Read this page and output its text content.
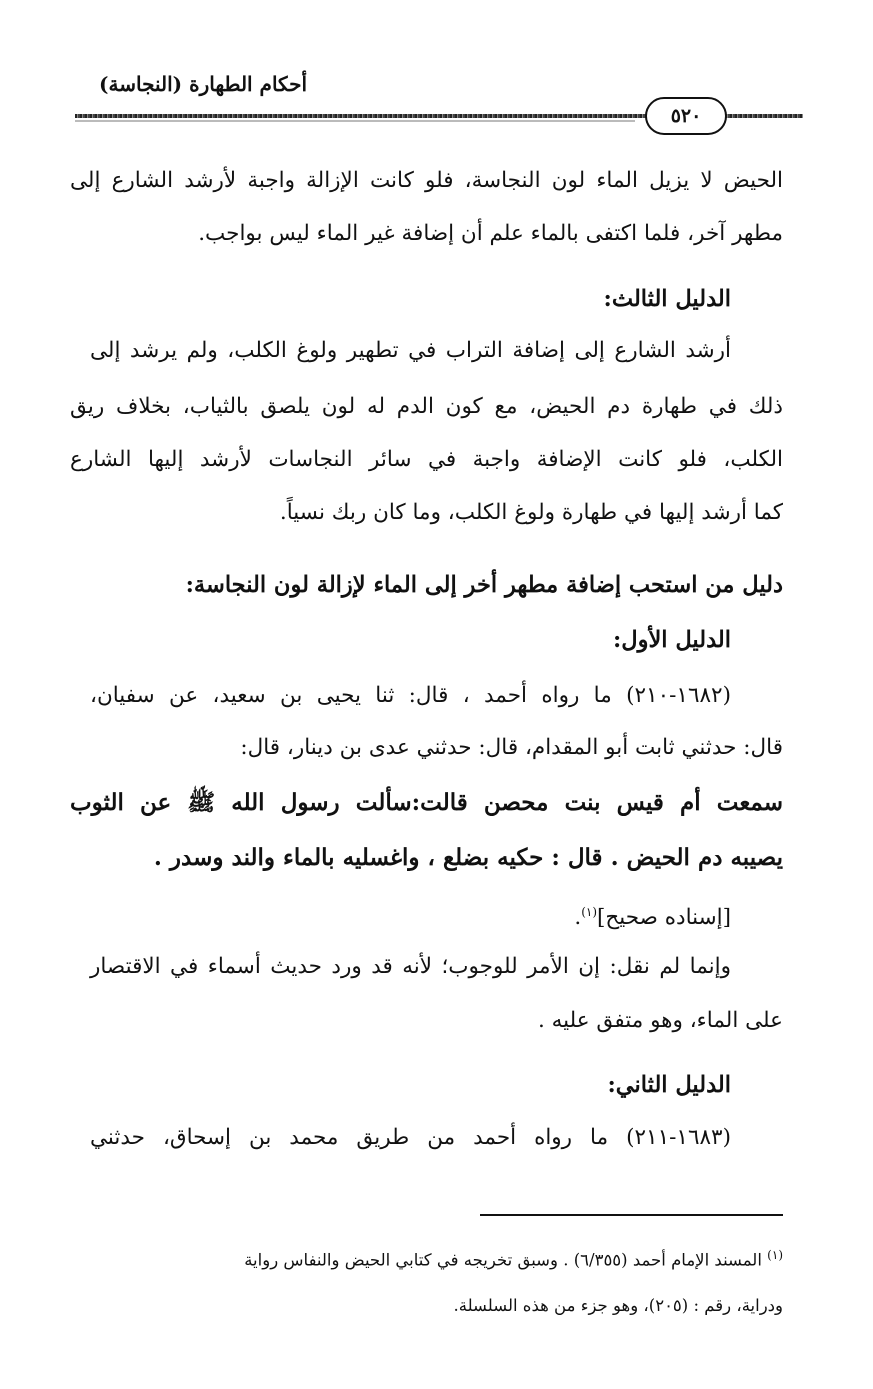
أحكام الطهارة (النجاسة)
٥٢٠
الحيض لا يزيل الماء لون النجاسة، فلو كانت الإزالة واجبة لأرشد الشارع إلى
مطهر آخر، فلما اكتفى بالماء علم أن إضافة غير الماء ليس بواجب.
الدليل الثالث:
أرشد الشارع إلى إضافة التراب في تطهير ولوغ الكلب، ولم يرشد إلى
ذلك في طهارة دم الحيض، مع كون الدم له لون يلصق بالثياب، بخلاف ريق
الكلب، فلو كانت الإضافة واجبة في سائر النجاسات لأرشد إليها الشارع
كما أرشد إليها في طهارة ولوغ الكلب، وما كان ربك نسياً.
دليل من استحب إضافة مطهر أخر إلى الماء لإزالة لون النجاسة:
الدليل الأول:
(١٦٨٢-٢١٠) ما رواه أحمد ، قال: ثنا يحيى بن سعيد، عن سفيان،
قال: حدثني ثابت أبو المقدام، قال: حدثني عدى بن دينار، قال:
سمعت أم قيس بنت محصن قالت:سألت رسول الله ﷺ عن الثوب
يصيبه دم الحيض . قال : حكيه بضلع ، واغسليه بالماء والند وسدر .
[إسناده صحيح]$^{(١)}$.
وإنما لم نقل: إن الأمر للوجوب؛ لأنه قد ورد حديث أسماء في الاقتصار
على الماء، وهو متفق عليه .
الدليل الثاني:
(١٦٨٣-٢١١) ما رواه أحمد من طريق محمد بن إسحاق، حدثني
$^{(١)}$ المسند الإمام أحمد (٦/٣٥٥) . وسبق تخريجه في كتابي الحيض والنفاس رواية
ودراية، رقم : (٢٠٥)، وهو جزء من هذه السلسلة.
